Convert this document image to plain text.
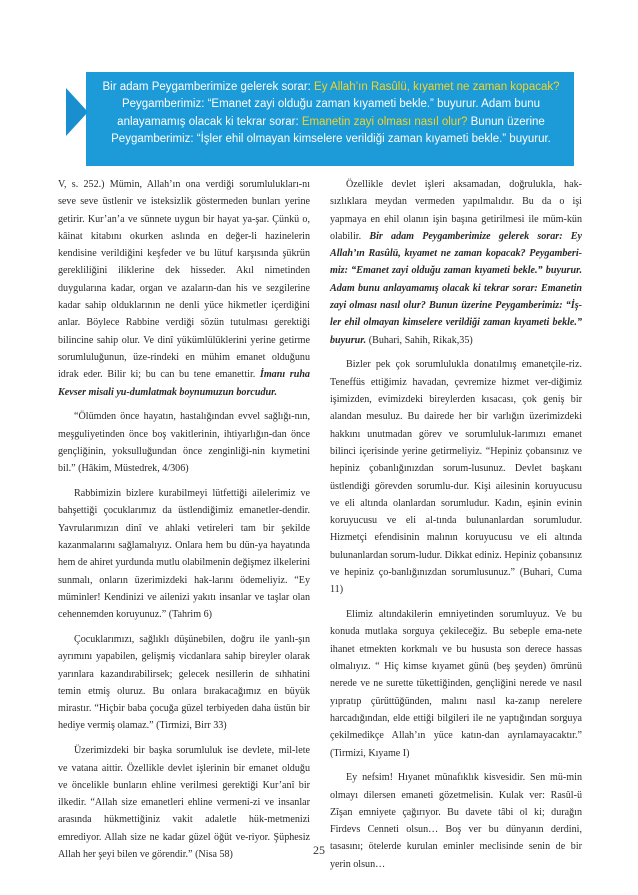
Bir adam Peygamberimize gelerek sorar: Ey Allah’ın Rasûlü, kıyamet ne zaman kopacak? Peygamberimiz: “Emanet zayi olduğu zaman kıyameti bekle.” buyurur. Adam bunu anlayamamış olacak ki tekrar sorar: Emanetin zayi olması nasıl olur? Bunun üzerine Peygamberimiz: “İşler ehil olmayan kimselere verildiği zaman kıyameti bekle.” buyurur.

V, s. 252.) Mümin, Allah’ın ona verdiği sorumlulukları-nı seve seve üstlenir ve isteksizlik göstermeden bunları yerine getirir. Kur’an’a ve sünnete uygun bir hayat ya-şar. Çünkü o, kâinat kitabını okurken aslında en değer-li hazinelerin kendisine verildiğini keşfeder ve bu lütuf karşısında şükrün gerekliliğini iliklerine dek hisseder. Akıl nimetinden duygularına kadar, organ ve azaların-dan his ve sezgilerine kadar sahip olduklarının ne denli yüce hikmetler içerdiğini anlar. Böylece Rabbine verdiği sözün tutulması gerektiği bilincine sahip olur. Ve dinî yükümlülüklerini yerine getirme sorumluluğunun, üze-rindeki en mühim emanet olduğunu idrak eder. Bilir ki; bu can bu tene emanettir. İmanı ruha Kevser misali yu-dumlatmak boynumuzun borcudur.

“Ölümden önce hayatın, hastalığından evvel sağlığı-nın, meşguliyetinden önce boş vakitlerinin, ihtiyarlığın-dan önce gençliğinin, yoksulluğundan önce zenginliği-nin kıymetini bil.” (Hâkim, Müstedrek, 4/306)

Rabbimizin bizlere kurabilmeyi lütfettiği ailelerimiz ve bahşettiği çocuklarımız da üstlendiğimiz emanetler-dendir. Yavrularımızın dinî ve ahlaki vetireleri tam bir şekilde kazanmalarını sağlamalıyız. Onlara hem bu dün-ya hayatında hem de ahiret yurdunda mutlu olabilmenin değişmez ilkelerini sunmalı, onların üzerimizdeki hak-larını ödemeliyiz. “Ey müminler! Kendinizi ve ailenizi yakıtı insanlar ve taşlar olan cehennemden koruyunuz.” (Tahrim 6)

Çocuklarımızı, sağlıklı düşünebilen, doğru ile yanlı-şın ayrımını yapabilen, gelişmiş vicdanlara sahip bireyler olarak yarınlara kazandırabilirsek; gelecek nesillerin de sıhhatini temin etmiş oluruz. Bu onlara bırakacağımız en büyük mirastır. “Hiçbir baba çocuğa güzel terbiyeden daha üstün bir hediye vermiş olamaz.” (Tirmizi, Birr 33)

Üzerimizdeki bir başka sorumluluk ise devlete, mil-lete ve vatana aittir. Özellikle devlet işlerinin bir emanet olduğu ve öncelikle bunların ehline verilmesi gerektiği Kur’anî bir ilkedir. “Allah size emanetleri ehline vermeni-zi ve insanlar arasında hükmettiğiniz vakit adaletle hük-metmenizi emrediyor. Allah size ne kadar güzel öğüt ve-riyor. Şüphesiz Allah her şeyi bilen ve görendir.” (Nisa 58)

Özellikle devlet işleri aksamadan, doğrulukla, hak-sızlıklara meydan vermeden yapılmalıdır. Bu da o işi yapmaya en ehil olanın işin başına getirilmesi ile müm-kün olabilir. Bir adam Peygamberimize gelerek sorar: Ey Allah’ın Rasûlü, kıyamet ne zaman kopacak? Peygamberi-miz: “Emanet zayi olduğu zaman kıyameti bekle.” buyurur. Adam bunu anlayamamış olacak ki tekrar sorar: Emanetin zayi olması nasıl olur? Bunun üzerine Peygamberimiz: “İş-ler ehil olmayan kimselere verildiği zaman kıyameti bekle.” buyurur. (Buhari, Sahih, Rikak,35)

Bizler pek çok sorumlulukla donatılmış emanetçile-riz. Teneffüs ettiğimiz havadan, çevremize hizmet ver-diğimiz işimizden, evimizdeki bireylerden kısacası, çok geniş bir alandan mesuluz. Bu dairede her bir varlığın üzerimizdeki hakkını unutmadan görev ve sorumluluk-larımızı emanet bilinci içerisinde yerine getirmeliyiz. “Hepiniz çobansınız ve hepiniz çobanlığınızdan sorum-lusunuz. Devlet başkanı üstlendiği görevden sorumlu-dur. Kişi ailesinin koruyucusu ve eli altında olanlardan sorumludur. Kadın, eşinin evinin koruyucusu ve eli al-tında bulunanlardan sorumludur. Hizmetçi efendisinin malının koruyucusu ve eli altında bulunanlardan sorum-ludur. Dikkat ediniz. Hepiniz çobansınız ve hepiniz ço-banlığınızdan sorumlusunuz.” (Buhari, Cuma 11)

Elimiz altındakilerin emniyetinden sorumluyuz. Ve bu konuda mutlaka sorguya çekileceğiz. Bu sebeple ema-nete ihanet etmekten korkmalı ve bu hususta son derece hassas olmalıyız. “ Hiç kimse kıyamet günü (beş şeyden) ömrünü nerede ve ne surette tükettiğinden, gençliğini nerede ve nasıl yıpratıp çürüttüğünden, malını nasıl ka-zanıp nerelere harcadığından, elde ettiği bilgileri ile ne yaptığından sorguya çekilmedikçe Allah’ın yüce katın-dan ayrılamayacaktır.” (Tirmizi, Kıyame I)

Ey nefsim! Hıyanet münafıklık kisvesidir. Sen mü-min olmayı dilersen emaneti gözetmelisin. Kulak ver: Rasûl-ü Zîşan emniyete çağırıyor. Bu davete tâbi ol ki; durağın Firdevs Cenneti olsun… Boş ver bu dünyanın derdini, tasasını; ötelerde kurulan eminler meclisinde senin de bir yerin olsun…

25
